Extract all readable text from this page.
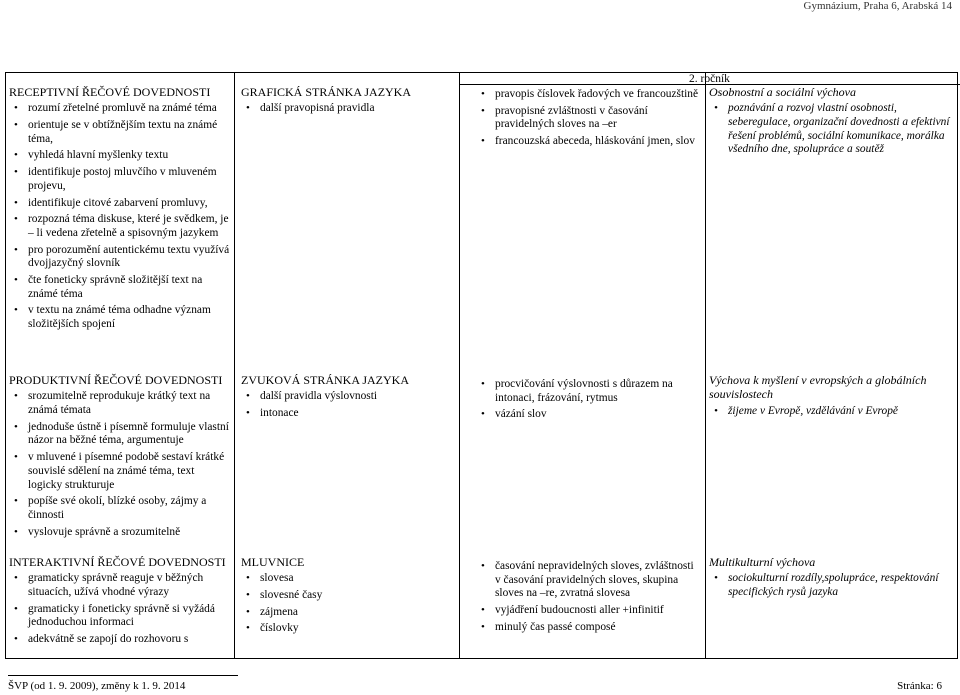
Gymnázium, Praha 6, Arabská 14
2. ročník
RECEPTIVNÍ ŘEČOVÉ DOVEDNOSTI
• rozumí zřetelné promluvě na známé téma
• orientuje se v obtížnějším textu na známé téma,
• vyhledá hlavní myšlenky textu
• identifikuje postoj mluvčího v mluveném projevu,
• identifikuje citové zabarvení promluvy,
• rozpozná téma diskuse, které je svědkem, je – li vedena zřetelně a spisovným jazykem
• pro porozumění autentickému textu využívá dvojjazyčný slovník
• čte foneticky správně složitější text na známé téma
• v textu na známé téma odhadne význam složitějších spojení
GRAFICKÁ STRÁNKA JAZYKA
• další pravopisná pravidla
• pravopis číslovek řadových ve francouzštině
• pravopisné zvláštnosti v časování pravidelných sloves na –er
• francouzská abeceda, hláskování jmen, slov
Osobnostní a sociální výchova
• poznávání a rozvoj vlastní osobnosti, seberegulace, organizační dovednosti a efektivní řešení problémů, sociální komunikace, morálka všedního dne, spolupráce a soutěž
PRODUKTIVNÍ ŘEČOVÉ DOVEDNOSTI
• srozumitelně reprodukuje krátký text na známá témata
• jednoduše ústně i písemně formuluje vlastní názor na běžné téma, argumentuje
• v mluvené i písemné podobě sestaví krátké souvislé sdělení na známé téma, text logicky strukturuje
• popíše své okolí, blízké osoby, zájmy a činnosti
• vyslovuje správně a srozumitelně
ZVUKOVÁ STRÁNKA JAZYKA
• další pravidla výslovnosti
• intonace
• procvičování výslovnosti s důrazem na intonaci, frázování, rytmus
• vázání slov
Výchova k myšlení v evropských a globálních souvislostech
• žijeme v Evropě, vzdělávání v Evropě
INTERAKTIVNÍ ŘEČOVÉ DOVEDNOSTI
• gramaticky správně reaguje v běžných situacích, užívá vhodné výrazy
• gramaticky i foneticky správně si vyžádá jednoduchou informaci
• adekvátně se zapojí do rozhovoru s
MLUVNICE
• slovesa
• slovesné časy
• zájmena
• číslovky
• časování nepravidelných sloves, zvláštnosti v časování pravidelných sloves, skupina sloves na –re, zvratná slovesa
• vyjádření budoucnosti aller +infinitif
• minulý čas passé composé
Multikulturní výchova
• sociokulturní rozdíly,spolupráce, respektování specifických rysů jazyka
ŠVP (od 1. 9. 2009), změny k 1. 9. 2014	Stránka: 6
